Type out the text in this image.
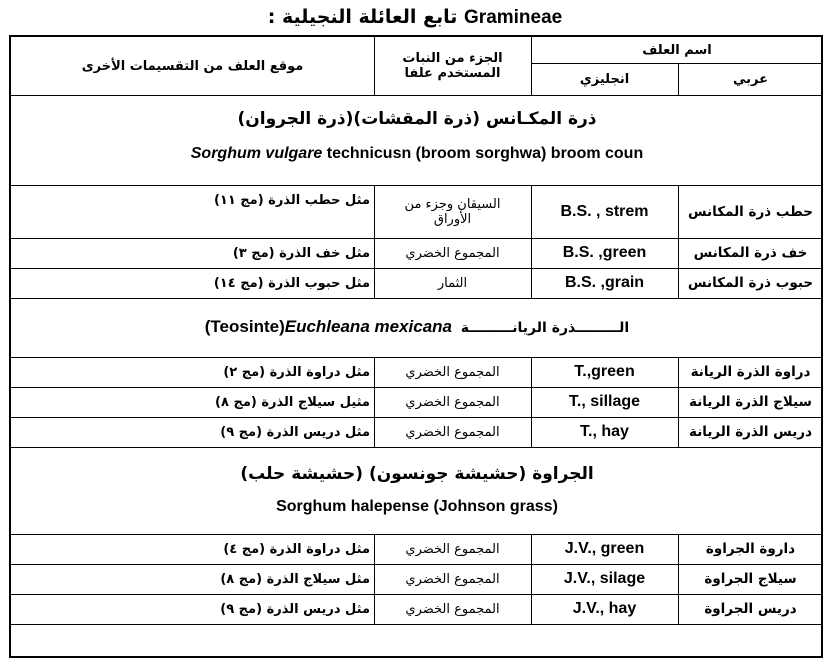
تابع العائلة النجيلية : Gramineae
اسم العلف
عربي
انجليزي
الجزء من النبات المستخدم علفا
موقع العلف من التقسيمات الأخرى
ذرة المكـانس (ذرة المقشات)(ذرة الجروان)
Sorghum vulgare technicusn (broom sorghwa) broom coun
حطب ذرة المكانس
B.S. , strem
السيقان وجزء من الأوراق
مثل حطب الذرة (مج ١١)
خف ذرة المكانس
B.S. ,green
المجموع الخضري
مثل خف الذرة (مج ٣)
حبوب ذرة المكانس
B.S. ,grain
الثمار
مثل حبوب الذرة (مج ١٤)
(Teosinte)Euchleana mexicana الـــــــــذرة الريانـــــــــة
دراوة الذرة الريانة
T.,green
المجموع الخضري
مثل دراوة الذرة (مج ٢)
سيلاج الذرة الريانة
T., sillage
المجموع الخضري
مثيل سيلاج الذرة (مج ٨)
دريس الذرة الريانة
T., hay
المجموع الخضري
مثل دريس الذرة (مج ٩)
الجراوة (حشيشة جونسون) (حشيشة حلب)
Sorghum halepense (Johnson grass)
داروة الجراوة
J.V., green
المجموع الخضري
مثل دراوة الذرة (مج ٤)
سيلاج الجراوة
J.V., silage
المجموع الخضري
مثل سيلاج الذرة (مج ٨)
دريس الجراوة
J.V., hay
المجموع الخضري
مثل دريس الذرة (مج ٩)
